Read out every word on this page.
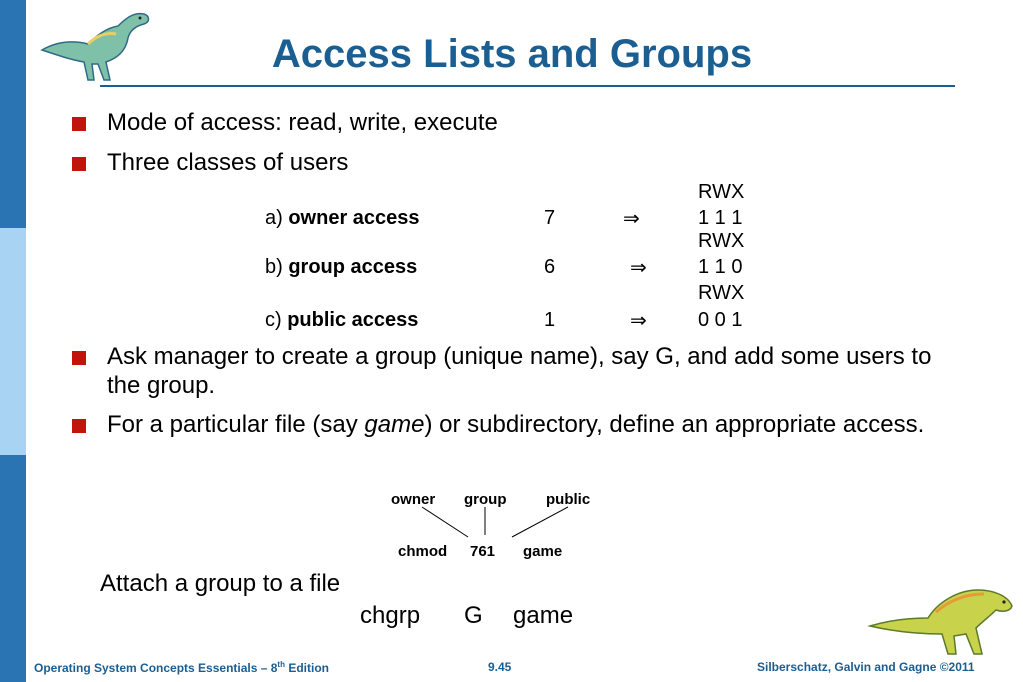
Access Lists and Groups
Mode of access: read, write, execute
Three classes of users
RWX
a) owner access	7	⇒	1 1 1
RWX
b) group access	6	⇒	1 1 0
RWX
c) public access	1	⇒	0 0 1
Ask manager to create a group (unique name), say G, and add some users to the group.
For a particular file (say game) or subdirectory, define an appropriate access.
owner group	public
chmod 761 game
Attach a group to a file
chgrp G game
Operating System Concepts Essentials – 8th Edition	9.45	Silberschatz, Galvin and Gagne ©2011
